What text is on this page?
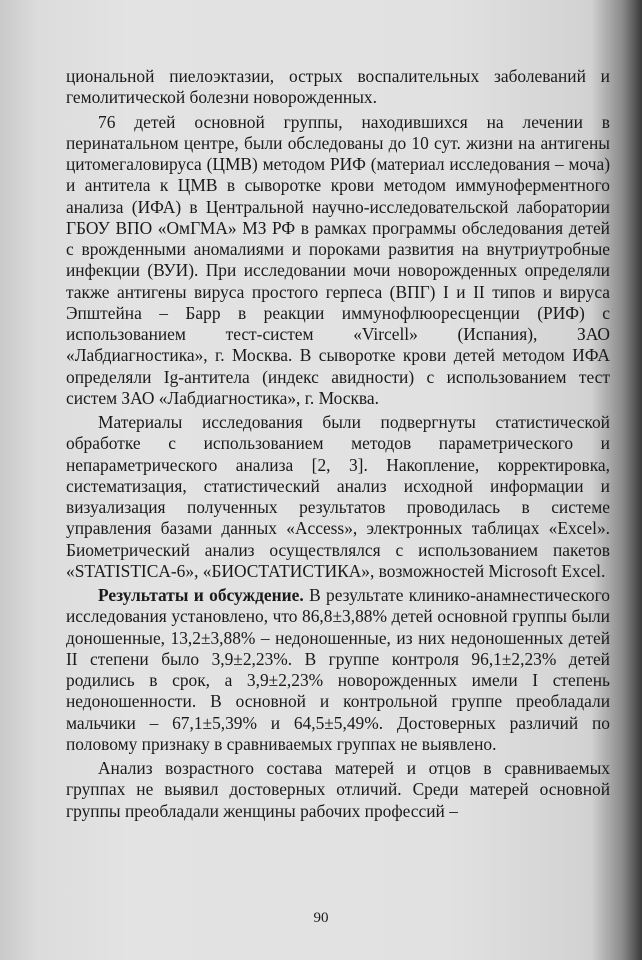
циональной пиелоэктазии, острых воспалительных заболеваний и гемолитической болезни новорожденных.

76 детей основной группы, находившихся на лечении в перинатальном центре, были обследованы до 10 сут. жизни на антигены цитомегаловируса (ЦМВ) методом РИФ (материал исследования – моча) и антитела к ЦМВ в сыворотке крови методом иммуноферментного анализа (ИФА) в Центральной научно-исследовательской лаборатории ГБОУ ВПО «ОмГМА» МЗ РФ в рамках программы обследования детей с врожденными аномалиями и пороками развития на внутриутробные инфекции (ВУИ). При исследовании мочи новорожденных определяли также антигены вируса простого герпеса (ВПГ) I и II типов и вируса Эпштейна – Барр в реакции иммунофлюоресценции (РИФ) с использованием тест-систем «Vircell» (Испания), ЗАО «Лабдиагностика», г. Москва. В сыворотке крови детей методом ИФА определяли Ig-антитела (индекс авидности) с использованием тест систем ЗАО «Лабдиагностика», г. Москва.

Материалы исследования были подвергнуты статистической обработке с использованием методов параметрического и непараметрического анализа [2, 3]. Накопление, корректировка, систематизация, статистический анализ исходной информации и визуализация полученных результатов проводилась в системе управления базами данных «Access», электронных таблицах «Excel». Биометрический анализ осуществлялся с использованием пакетов «STATISTICA-6», «БИОСТАТИСТИКА», возможностей Microsoft Excel.

Результаты и обсуждение. В результате клинико-анамнестического исследования установлено, что 86,8±3,88% детей основной группы были доношенные, 13,2±3,88% – недоношенные, из них недоношенных детей II степени было 3,9±2,23%. В группе контроля 96,1±2,23% детей родились в срок, а 3,9±2,23% новорожденных имели I степень недоношенности. В основной и контрольной группе преобладали мальчики – 67,1±5,39% и 64,5±5,49%. Достоверных различий по половому признаку в сравниваемых группах не выявлено.

Анализ возрастного состава матерей и отцов в сравниваемых группах не выявил достоверных отличий. Среди матерей основной группы преобладали женщины рабочих профессий –

90
